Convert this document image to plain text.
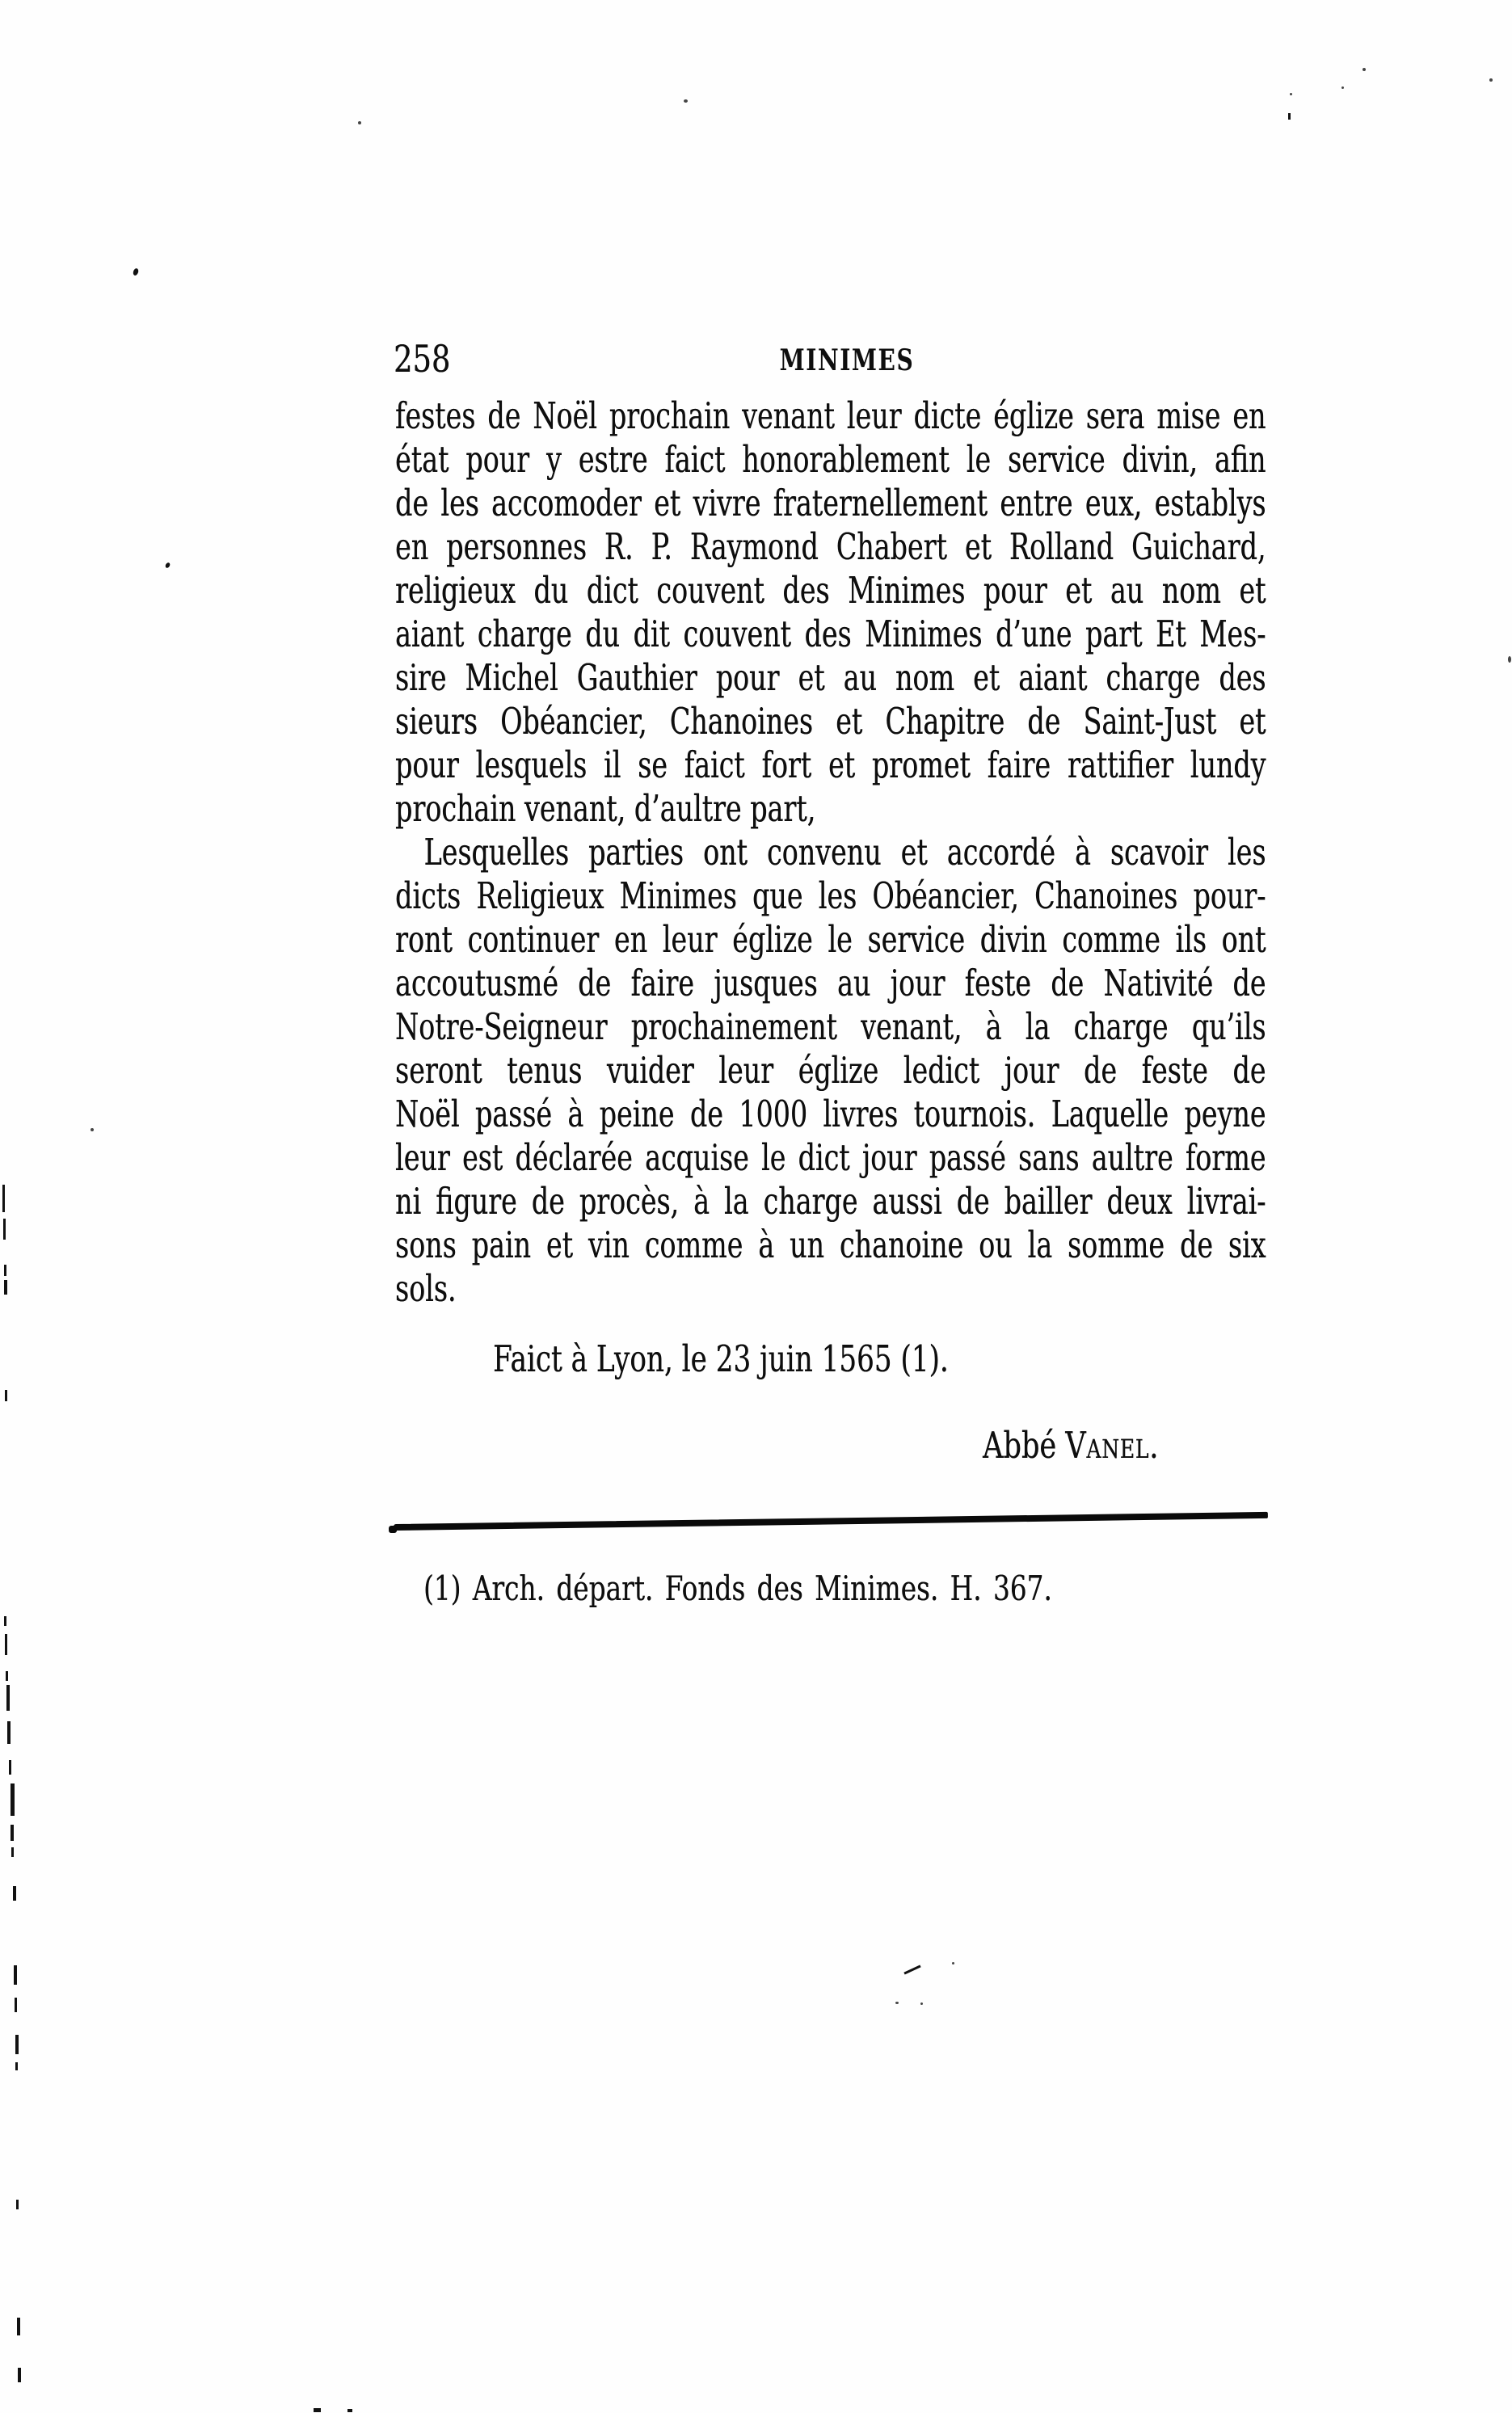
258	MINIMES
festes de Noël prochain venant leur dicte églize sera mise en
état pour y estre faict honorablement le service divin, afin
de les accomoder et vivre fraternellement entre eux, establys
en personnes R. P. Raymond Chabert et Rolland Guichard,
religieux du dict couvent des Minimes pour et au nom et
aiant charge du dit couvent des Minimes d’une part Et Mes-
sire Michel Gauthier pour et au nom et aiant charge des
sieurs Obéancier, Chanoines et Chapitre de Saint-Just et
pour lesquels il se faict fort et promet faire rattifier lundy
prochain venant, d’aultre part,
Lesquelles parties ont convenu et accordé à scavoir les
dicts Religieux Minimes que les Obéancier, Chanoines pour-
ront continuer en leur églize le service divin comme ils ont
accoutusmé de faire jusques au jour feste de Nativité de
Notre-Seigneur prochainement venant, à la charge qu’ils
seront tenus vuider leur églize ledict jour de feste de
Noël passé à peine de 1000 livres tournois. Laquelle peyne
leur est déclarée acquise le dict jour passé sans aultre forme
ni figure de procès, à la charge aussi de bailler deux livrai-
sons pain et vin comme à un chanoine ou la somme de six
sols.
Faict à Lyon, le 23 juin 1565 (1).
Abbé Vanel.
(1) Arch. départ. Fonds des Minimes. H. 367.
